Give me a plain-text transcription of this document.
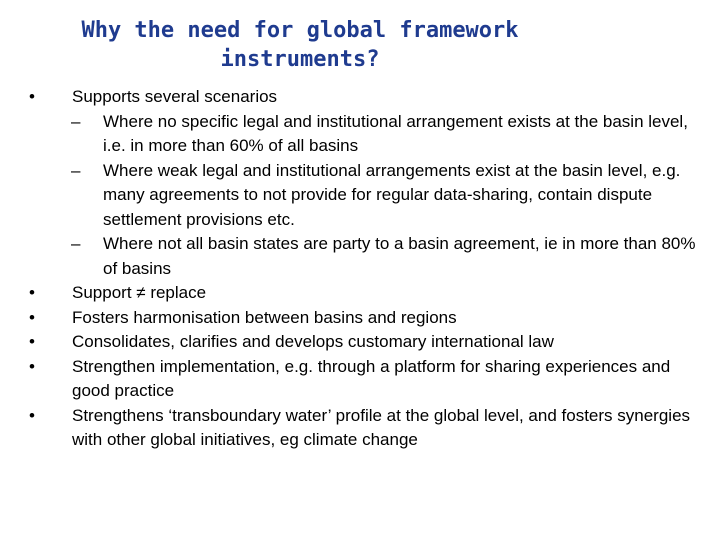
Why the need for global framework
instruments?
• Supports several scenarios
– Where no specific legal and institutional arrangement exists at the basin level, i.e. in more than 60% of all basins
– Where weak legal and institutional arrangements exist at the basin level, e.g. many agreements to not provide for regular data-sharing, contain dispute settlement provisions etc.
– Where not all basin states are party to a basin agreement, ie in more than 80% of basins
• Support ≠ replace
• Fosters harmonisation between basins and regions
• Consolidates, clarifies and develops customary international law
• Strengthen implementation, e.g. through a platform for sharing experiences and good practice
• Strengthens ‘transboundary water’ profile at the global level, and fosters synergies with other global initiatives, eg climate change
